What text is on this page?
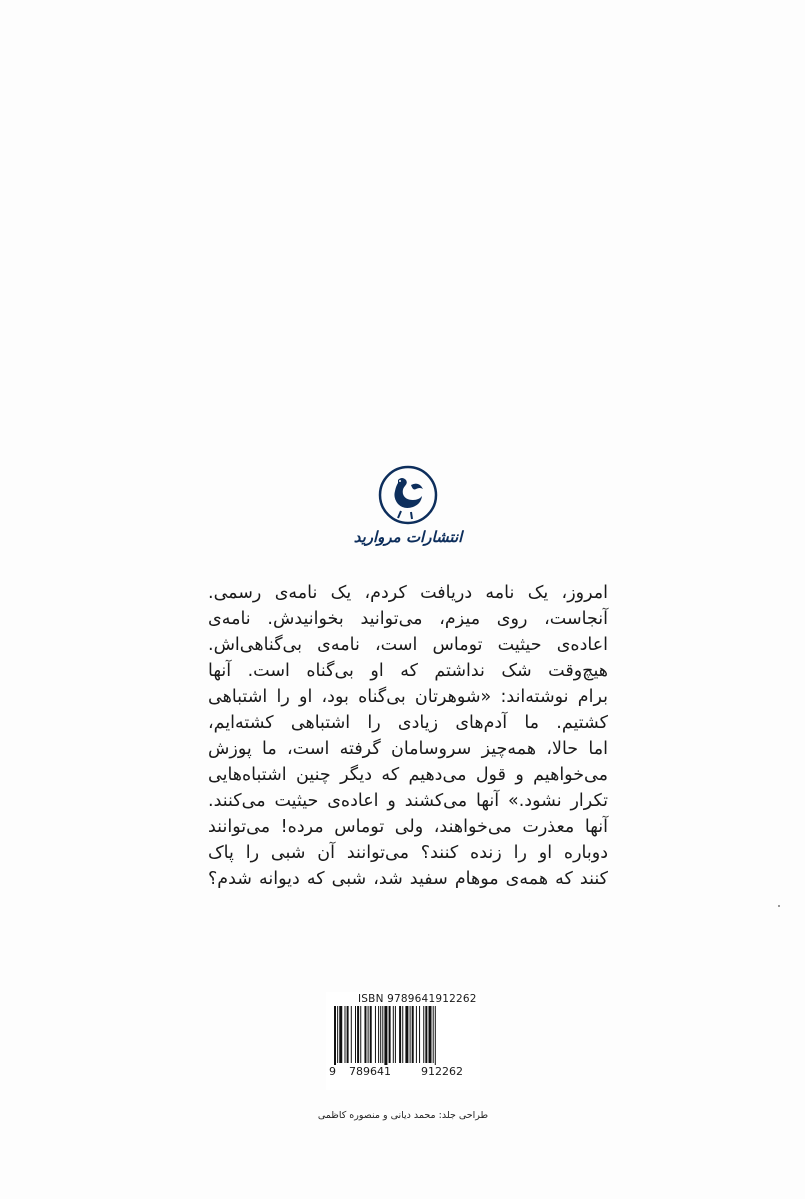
انتشارات مروارید
امروز، یک نامه دریافت کردم، یک نامه‌ی رسمی.
آنجاست، روی میزم، می‌توانید بخوانیدش. نامه‌ی
اعاده‌ی حیثیت توماس است، نامه‌ی بی‌گناهی‌اش.
هیچ‌وقت شک نداشتم که او بی‌گناه است. آنها
برام نوشته‌اند: «شوهرتان بی‌گناه بود، او را اشتباهی
کشتیم. ما آدم‌های زیادی را اشتباهی کشته‌ایم،
اما حالا، همه‌چیز سروسامان گرفته است، ما پوزش
می‌خواهیم و قول می‌دهیم که دیگر چنین اشتباه‌هایی
تکرار نشود.» آنها می‌کشند و اعاده‌ی حیثیت می‌کنند.
آنها معذرت می‌خواهند، ولی توماس مرده! می‌توانند
دوباره او را زنده کنند؟ می‌توانند آن شبی را پاک
کنند که همه‌ی موهام سفید شد، شبی که دیوانه شدم؟
ISBN 9789641912262
9 789641	912262
طراحی جلد: محمد دیانی و منصوره کاظمی
